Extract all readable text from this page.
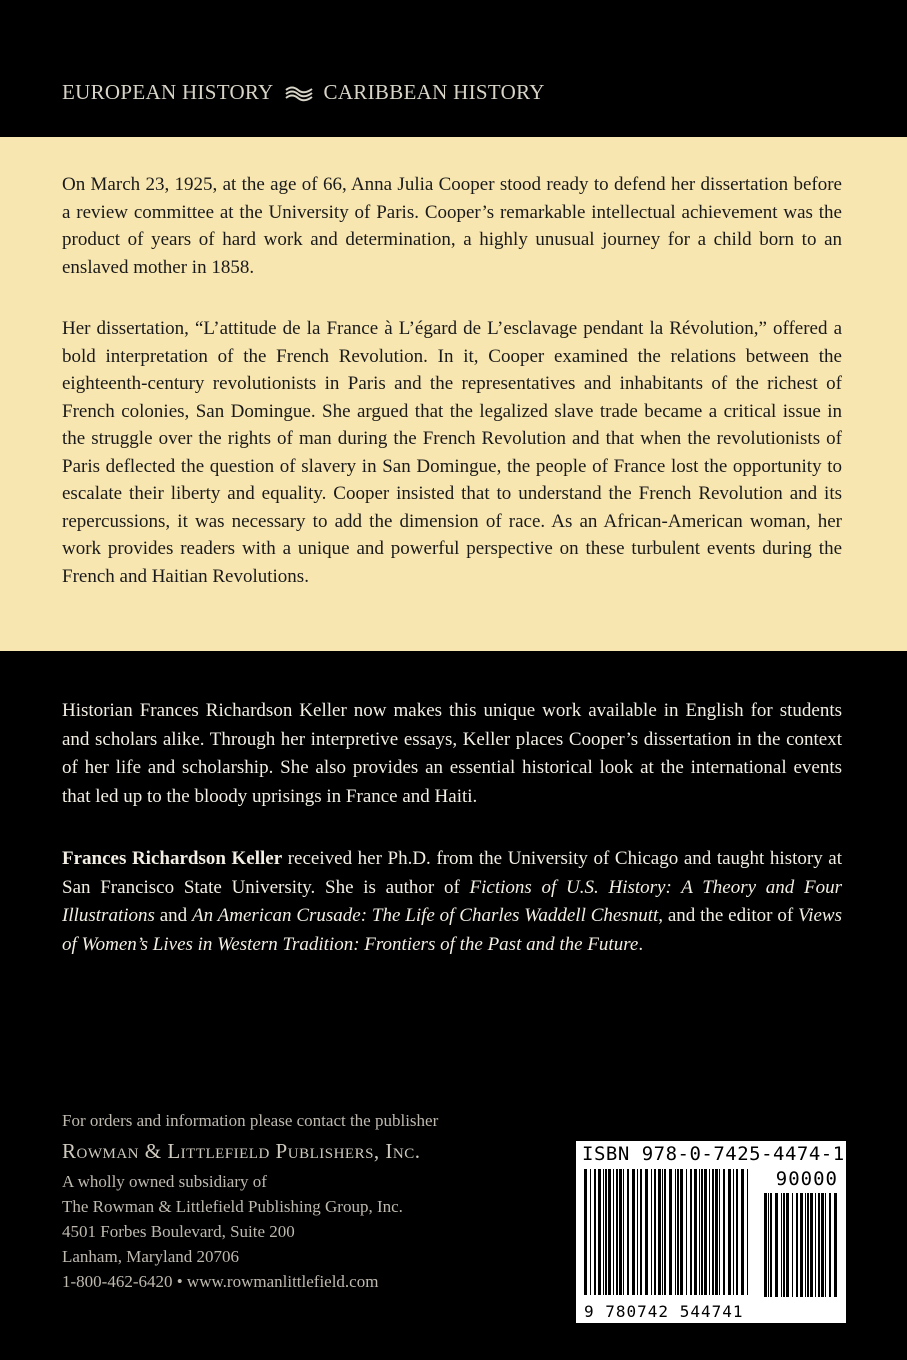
EUROPEAN HISTORY CARIBBEAN HISTORY

On March 23, 1925, at the age of 66, Anna Julia Cooper stood ready to defend her dissertation before a review committee at the University of Paris. Cooper’s remarkable intellectual achievement was the product of years of hard work and determination, a highly unusual journey for a child born to an enslaved mother in 1858.

Her dissertation, “L’attitude de la France à L’égard de L’esclavage pendant la Révolution,” offered a bold interpretation of the French Revolution. In it, Cooper examined the relations between the eighteenth-century revolutionists in Paris and the representatives and inhabitants of the richest of French colonies, San Domingue. She argued that the legalized slave trade became a critical issue in the struggle over the rights of man during the French Revolution and that when the revolutionists of Paris deflected the question of slavery in San Domingue, the people of France lost the opportunity to escalate their liberty and equality. Cooper insisted that to understand the French Revolution and its repercussions, it was necessary to add the dimension of race. As an African-American woman, her work provides readers with a unique and powerful perspective on these turbulent events during the French and Haitian Revolutions.

Historian Frances Richardson Keller now makes this unique work available in English for students and scholars alike. Through her interpretive essays, Keller places Cooper’s dissertation in the context of her life and scholarship. She also provides an essential historical look at the international events that led up to the bloody uprisings in France and Haiti.

Frances Richardson Keller received her Ph.D. from the University of Chicago and taught history at San Francisco State University. She is author of Fictions of U.S. History: A Theory and Four Illustrations and An American Crusade: The Life of Charles Waddell Chesnutt, and the editor of Views of Women’s Lives in Western Tradition: Frontiers of the Past and the Future.

For orders and information please contact the publisher
Rowman & Littlefield Publishers, Inc.
A wholly owned subsidiary of
The Rowman & Littlefield Publishing Group, Inc.
4501 Forbes Boulevard, Suite 200
Lanham, Maryland 20706
1-800-462-6420 • www.rowmanlittlefield.com
ISBN 978-0-7425-4474-1
90000
9 780742 544741
